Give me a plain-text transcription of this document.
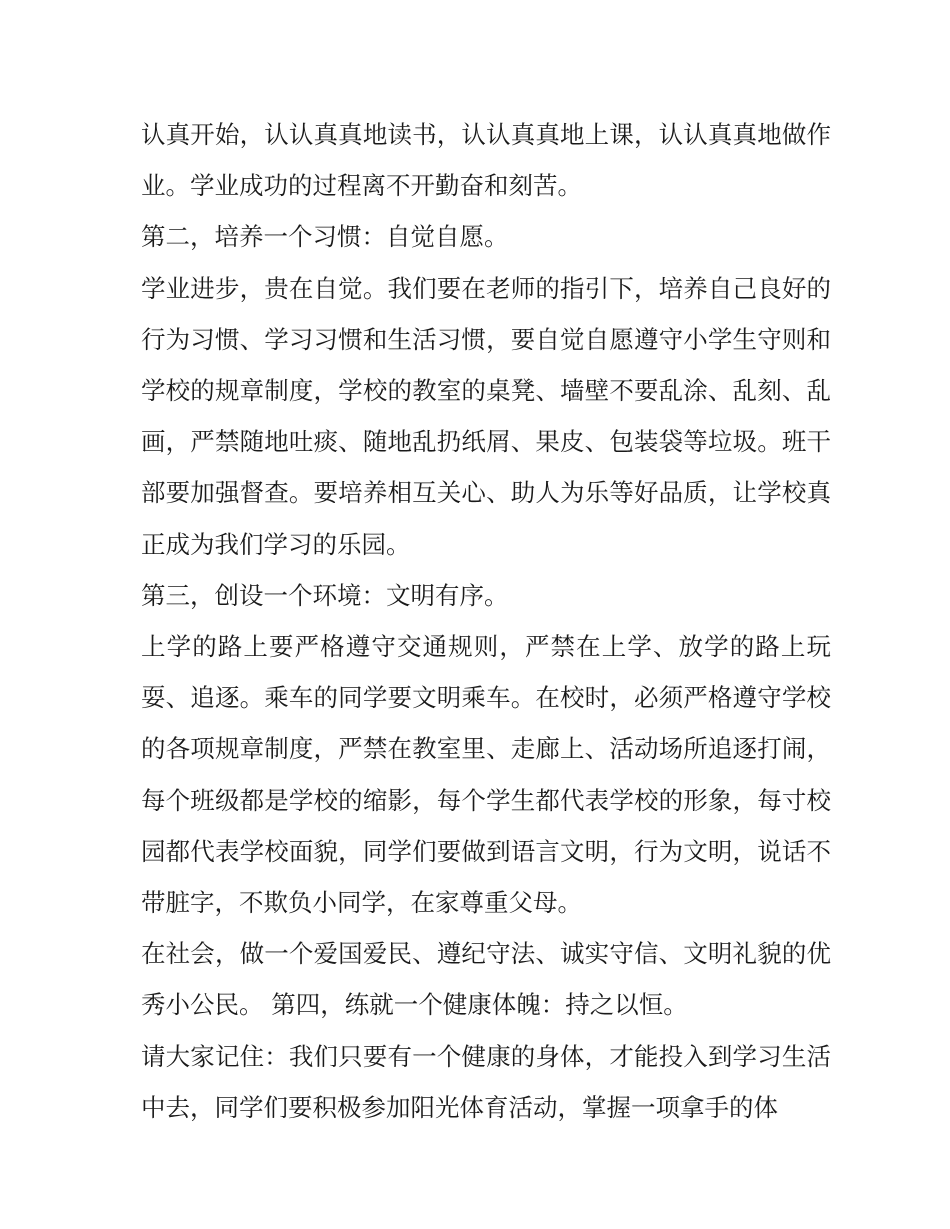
认真开始，认认真真地读书，认认真真地上课，认认真真地做作业。学业成功的过程离不开勤奋和刻苦。

第二，培养一个习惯：自觉自愿。

学业进步，贵在自觉。我们要在老师的指引下，培养自己良好的行为习惯、学习习惯和生活习惯，要自觉自愿遵守小学生守则和学校的规章制度，学校的教室的桌凳、墙壁不要乱涂、乱刻、乱画，严禁随地吐痰、随地乱扔纸屑、果皮、包装袋等垃圾。班干部要加强督查。要培养相互关心、助人为乐等好品质，让学校真正成为我们学习的乐园。

第三，创设一个环境：文明有序。

上学的路上要严格遵守交通规则，严禁在上学、放学的路上玩耍、追逐。乘车的同学要文明乘车。在校时，必须严格遵守学校的各项规章制度，严禁在教室里、走廊上、活动场所追逐打闹，每个班级都是学校的缩影，每个学生都代表学校的形象，每寸校园都代表学校面貌，同学们要做到语言文明，行为文明，说话不带脏字，不欺负小同学，在家尊重父母。

在社会，做一个爱国爱民、遵纪守法、诚实守信、文明礼貌的优秀小公民。 第四，练就一个健康体魄：持之以恒。

请大家记住：我们只要有一个健康的身体，才能投入到学习生活中去，同学们要积极参加阳光体育活动，掌握一项拿手的体
